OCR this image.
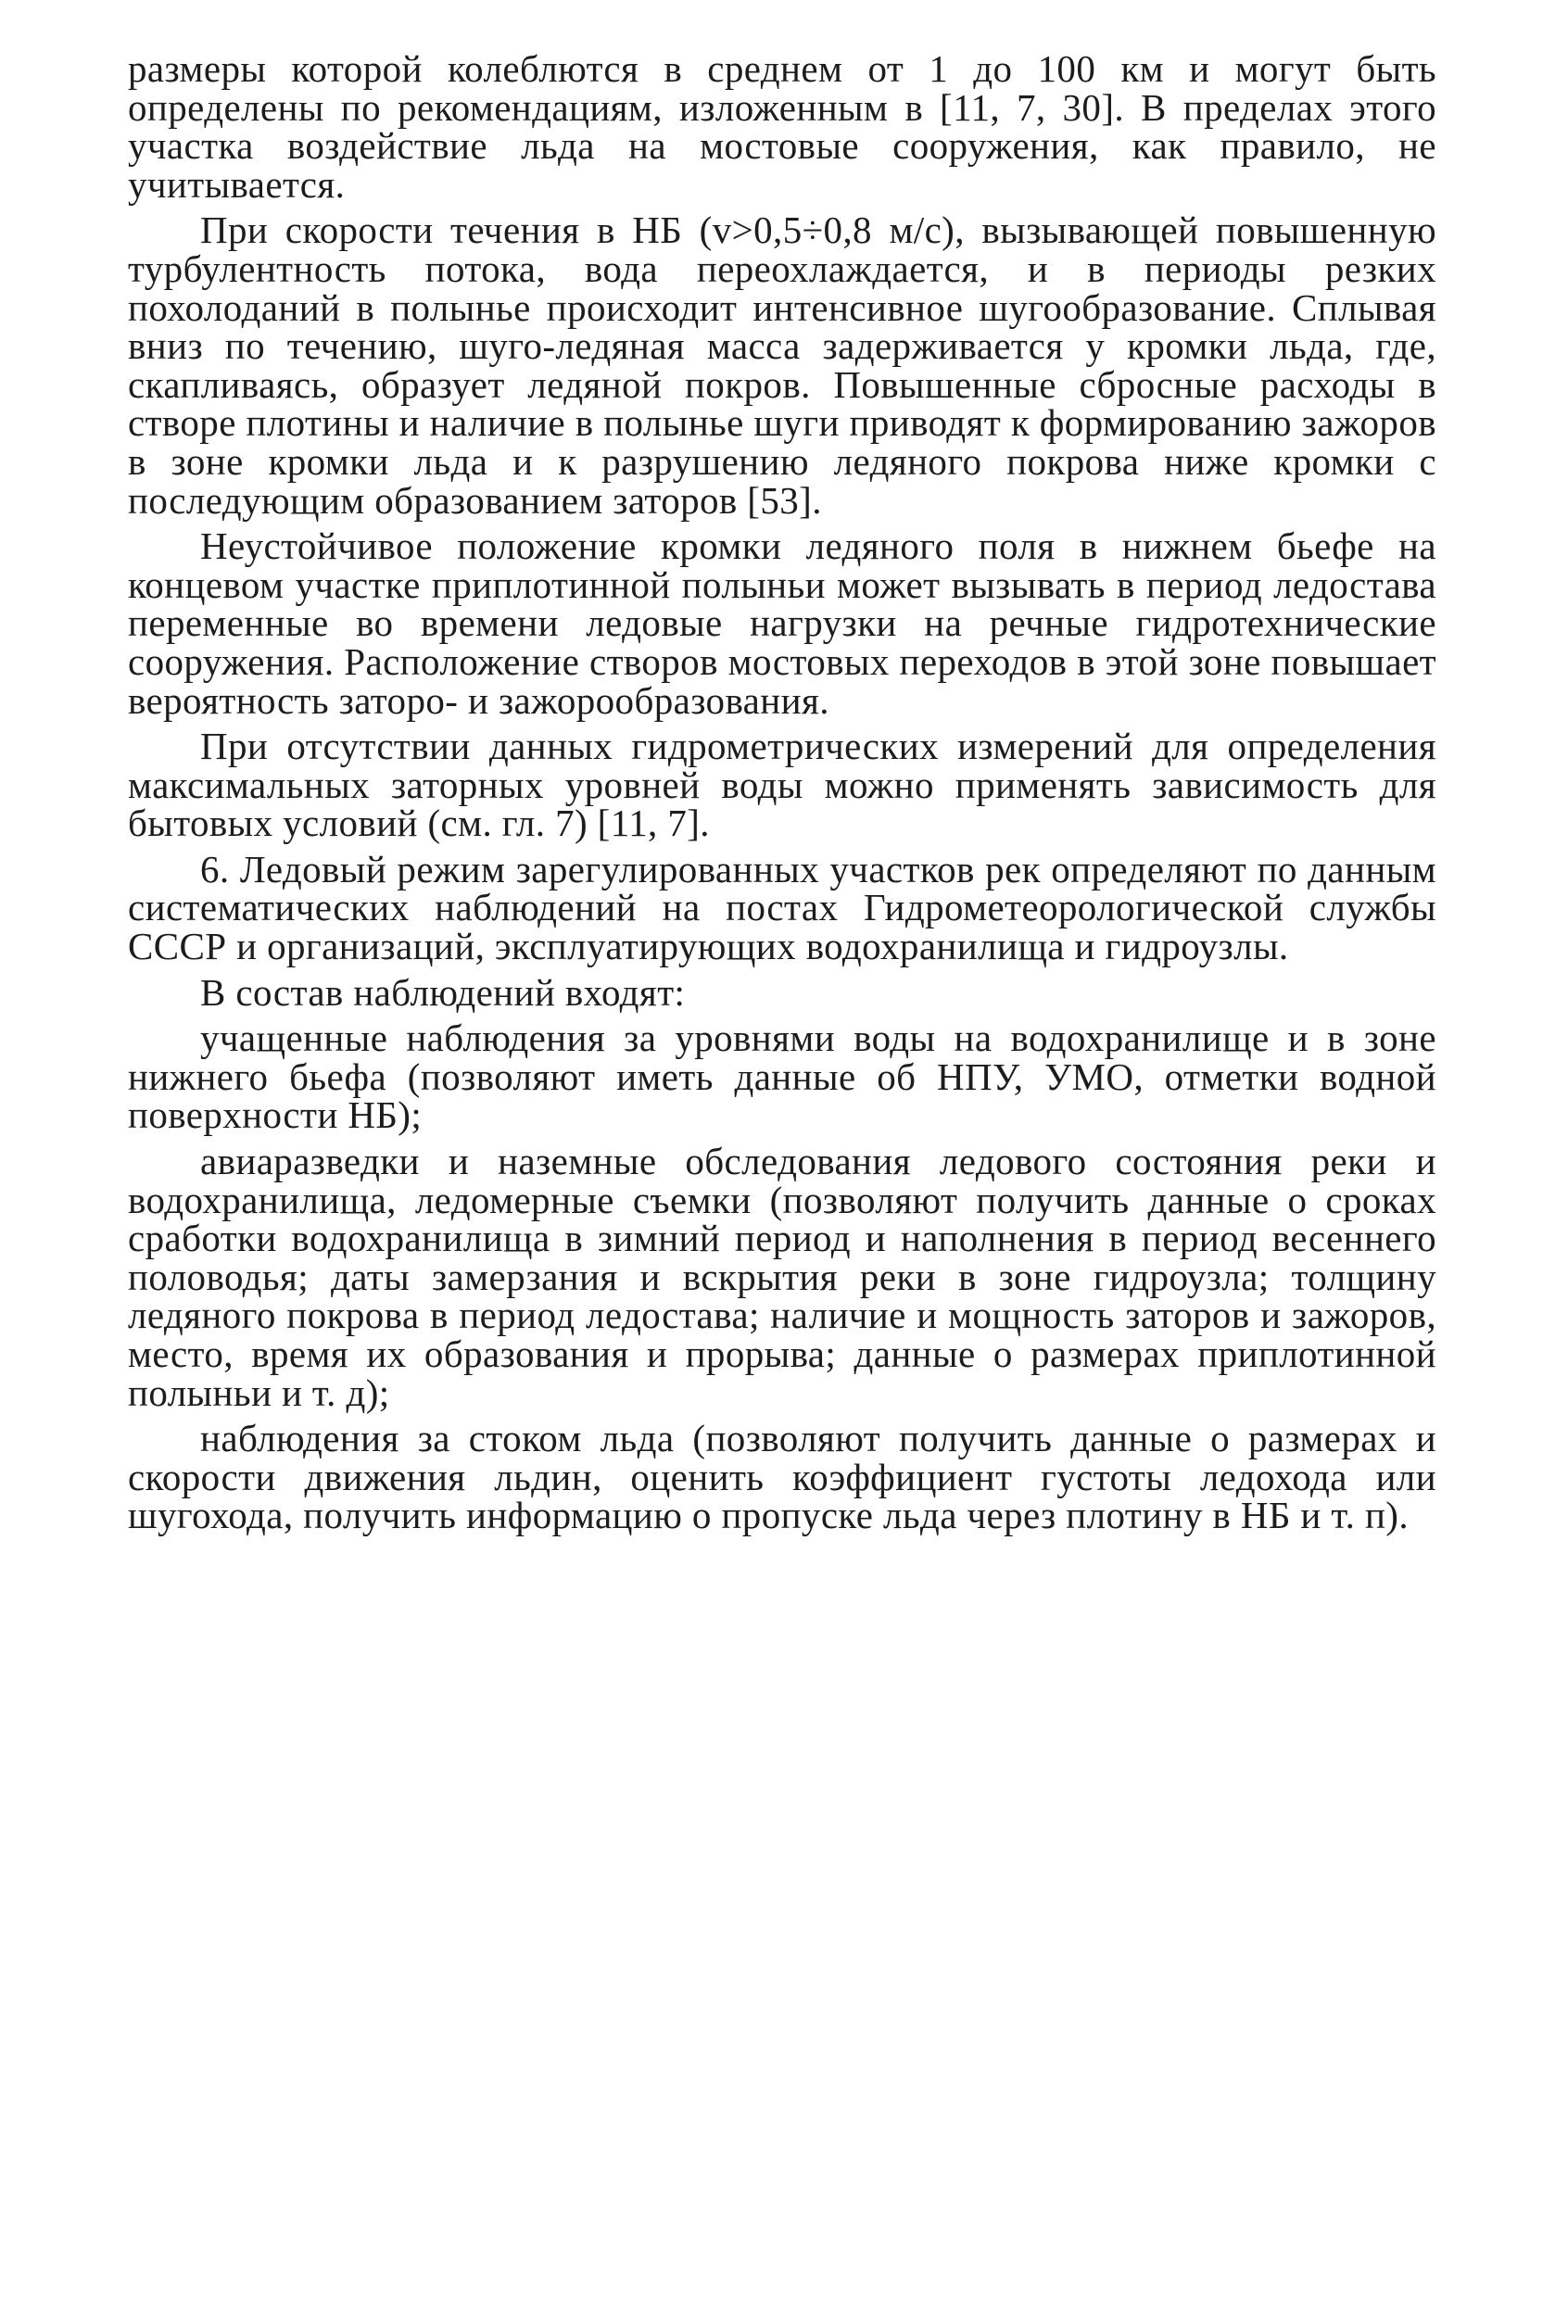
размеры которой колеблются в среднем от 1 до 100 км и могут быть определены по рекомендациям, изложенным в [11, 7, 30]. В пределах этого участка воздействие льда на мостовые сооружения, как правило, не учитывается.

При скорости течения в НБ (v>0,5÷0,8 м/с), вызывающей повышенную турбулентность потока, вода переохлаждается, и в периоды резких похолоданий в полынье происходит интенсивное шугообразование. Сплывая вниз по течению, шуго-ледяная масса задерживается у кромки льда, где, скапливаясь, образует ледяной покров. Повышенные сбросные расходы в створе плотины и наличие в полынье шуги приводят к формированию зажоров в зоне кромки льда и к разрушению ледяного покрова ниже кромки с последующим образованием заторов [53].

Неустойчивое положение кромки ледяного поля в нижнем бьефе на концевом участке приплотинной полыньи может вызывать в период ледостава переменные во времени ледовые нагрузки на речные гидротехнические сооружения. Расположение створов мостовых переходов в этой зоне повышает вероятность заторо- и зажорообразования.

При отсутствии данных гидрометрических измерений для определения максимальных заторных уровней воды можно применять зависимость для бытовых условий (см. гл. 7) [11, 7].

6. Ледовый режим зарегулированных участков рек определяют по данным систематических наблюдений на постах Гидрометеорологической службы СССР и организаций, эксплуатирующих водохранилища и гидроузлы.

В состав наблюдений входят:

учащенные наблюдения за уровнями воды на водохранилище и в зоне нижнего бьефа (позволяют иметь данные об НПУ, УМО, отметки водной поверхности НБ);

авиаразведки и наземные обследования ледового состояния реки и водохранилища, ледомерные съемки (позволяют получить данные о сроках сработки водохранилища в зимний период и наполнения в период весеннего половодья; даты замерзания и вскрытия реки в зоне гидроузла; толщину ледяного покрова в период ледостава; наличие и мощность заторов и зажоров, место, время их образования и прорыва; данные о размерах приплотинной полыньи и т. д);

наблюдения за стоком льда (позволяют получить данные о размерах и скорости движения льдин, оценить коэффициент густоты ледохода или шугохода, получить информацию о пропуске льда через плотину в НБ и т. п).
